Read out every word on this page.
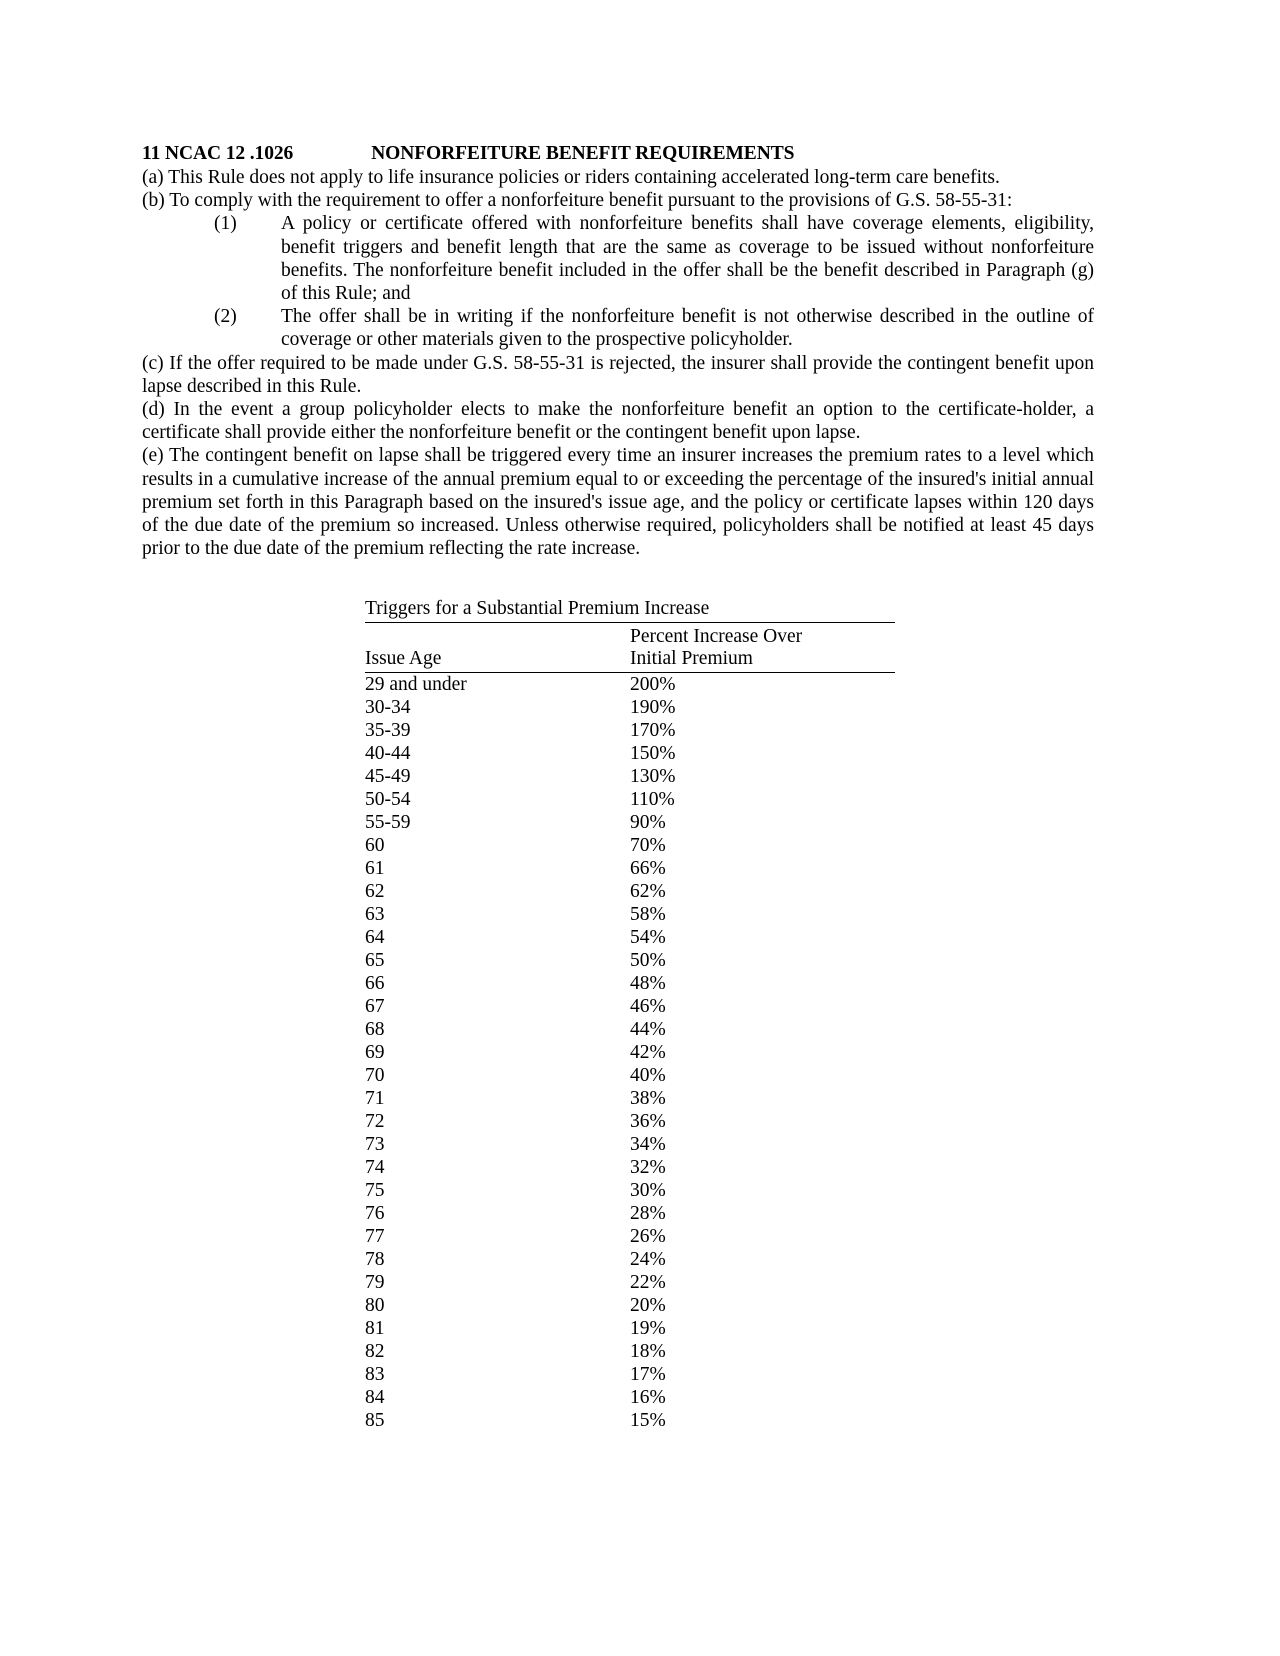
11 NCAC 12 .1026			NONFORFEITURE BENEFIT REQUIREMENTS

(a) This Rule does not apply to life insurance policies or riders containing accelerated long-term care benefits.

(b) To comply with the requirement to offer a nonforfeiture benefit pursuant to the provisions of G.S. 58-55-31:

(1)	A policy or certificate offered with nonforfeiture benefits shall have coverage elements, eligibility, benefit triggers and benefit length that are the same as coverage to be issued without nonforfeiture benefits. The nonforfeiture benefit included in the offer shall be the benefit described in Paragraph (g) of this Rule; and
(2)	The offer shall be in writing if the nonforfeiture benefit is not otherwise described in the outline of coverage or other materials given to the prospective policyholder.

(c) If the offer required to be made under G.S. 58-55-31 is rejected, the insurer shall provide the contingent benefit upon lapse described in this Rule.

(d) In the event a group policyholder elects to make the nonforfeiture benefit an option to the certificate-holder, a certificate shall provide either the nonforfeiture benefit or the contingent benefit upon lapse.

(e) The contingent benefit on lapse shall be triggered every time an insurer increases the premium rates to a level which results in a cumulative increase of the annual premium equal to or exceeding the percentage of the insured's initial annual premium set forth in this Paragraph based on the insured's issue age, and the policy or certificate lapses within 120 days of the due date of the premium so increased. Unless otherwise required, policyholders shall be notified at least 45 days prior to the due date of the premium reflecting the rate increase.

Triggers for a Substantial Premium Increase	
	Percent Increase Over
Issue Age	Initial Premium
29 and under	200%
30-34	190%
35-39	170%
40-44	150%
45-49	130%
50-54	110%
55-59	90%
60	70%
61	66%
62	62%
63	58%
64	54%
65	50%
66	48%
67	46%
68	44%
69	42%
70	40%
71	38%
72	36%
73	34%
74	32%
75	30%
76	28%
77	26%
78	24%
79	22%
80	20%
81	19%
82	18%
83	17%
84	16%
85	15%
